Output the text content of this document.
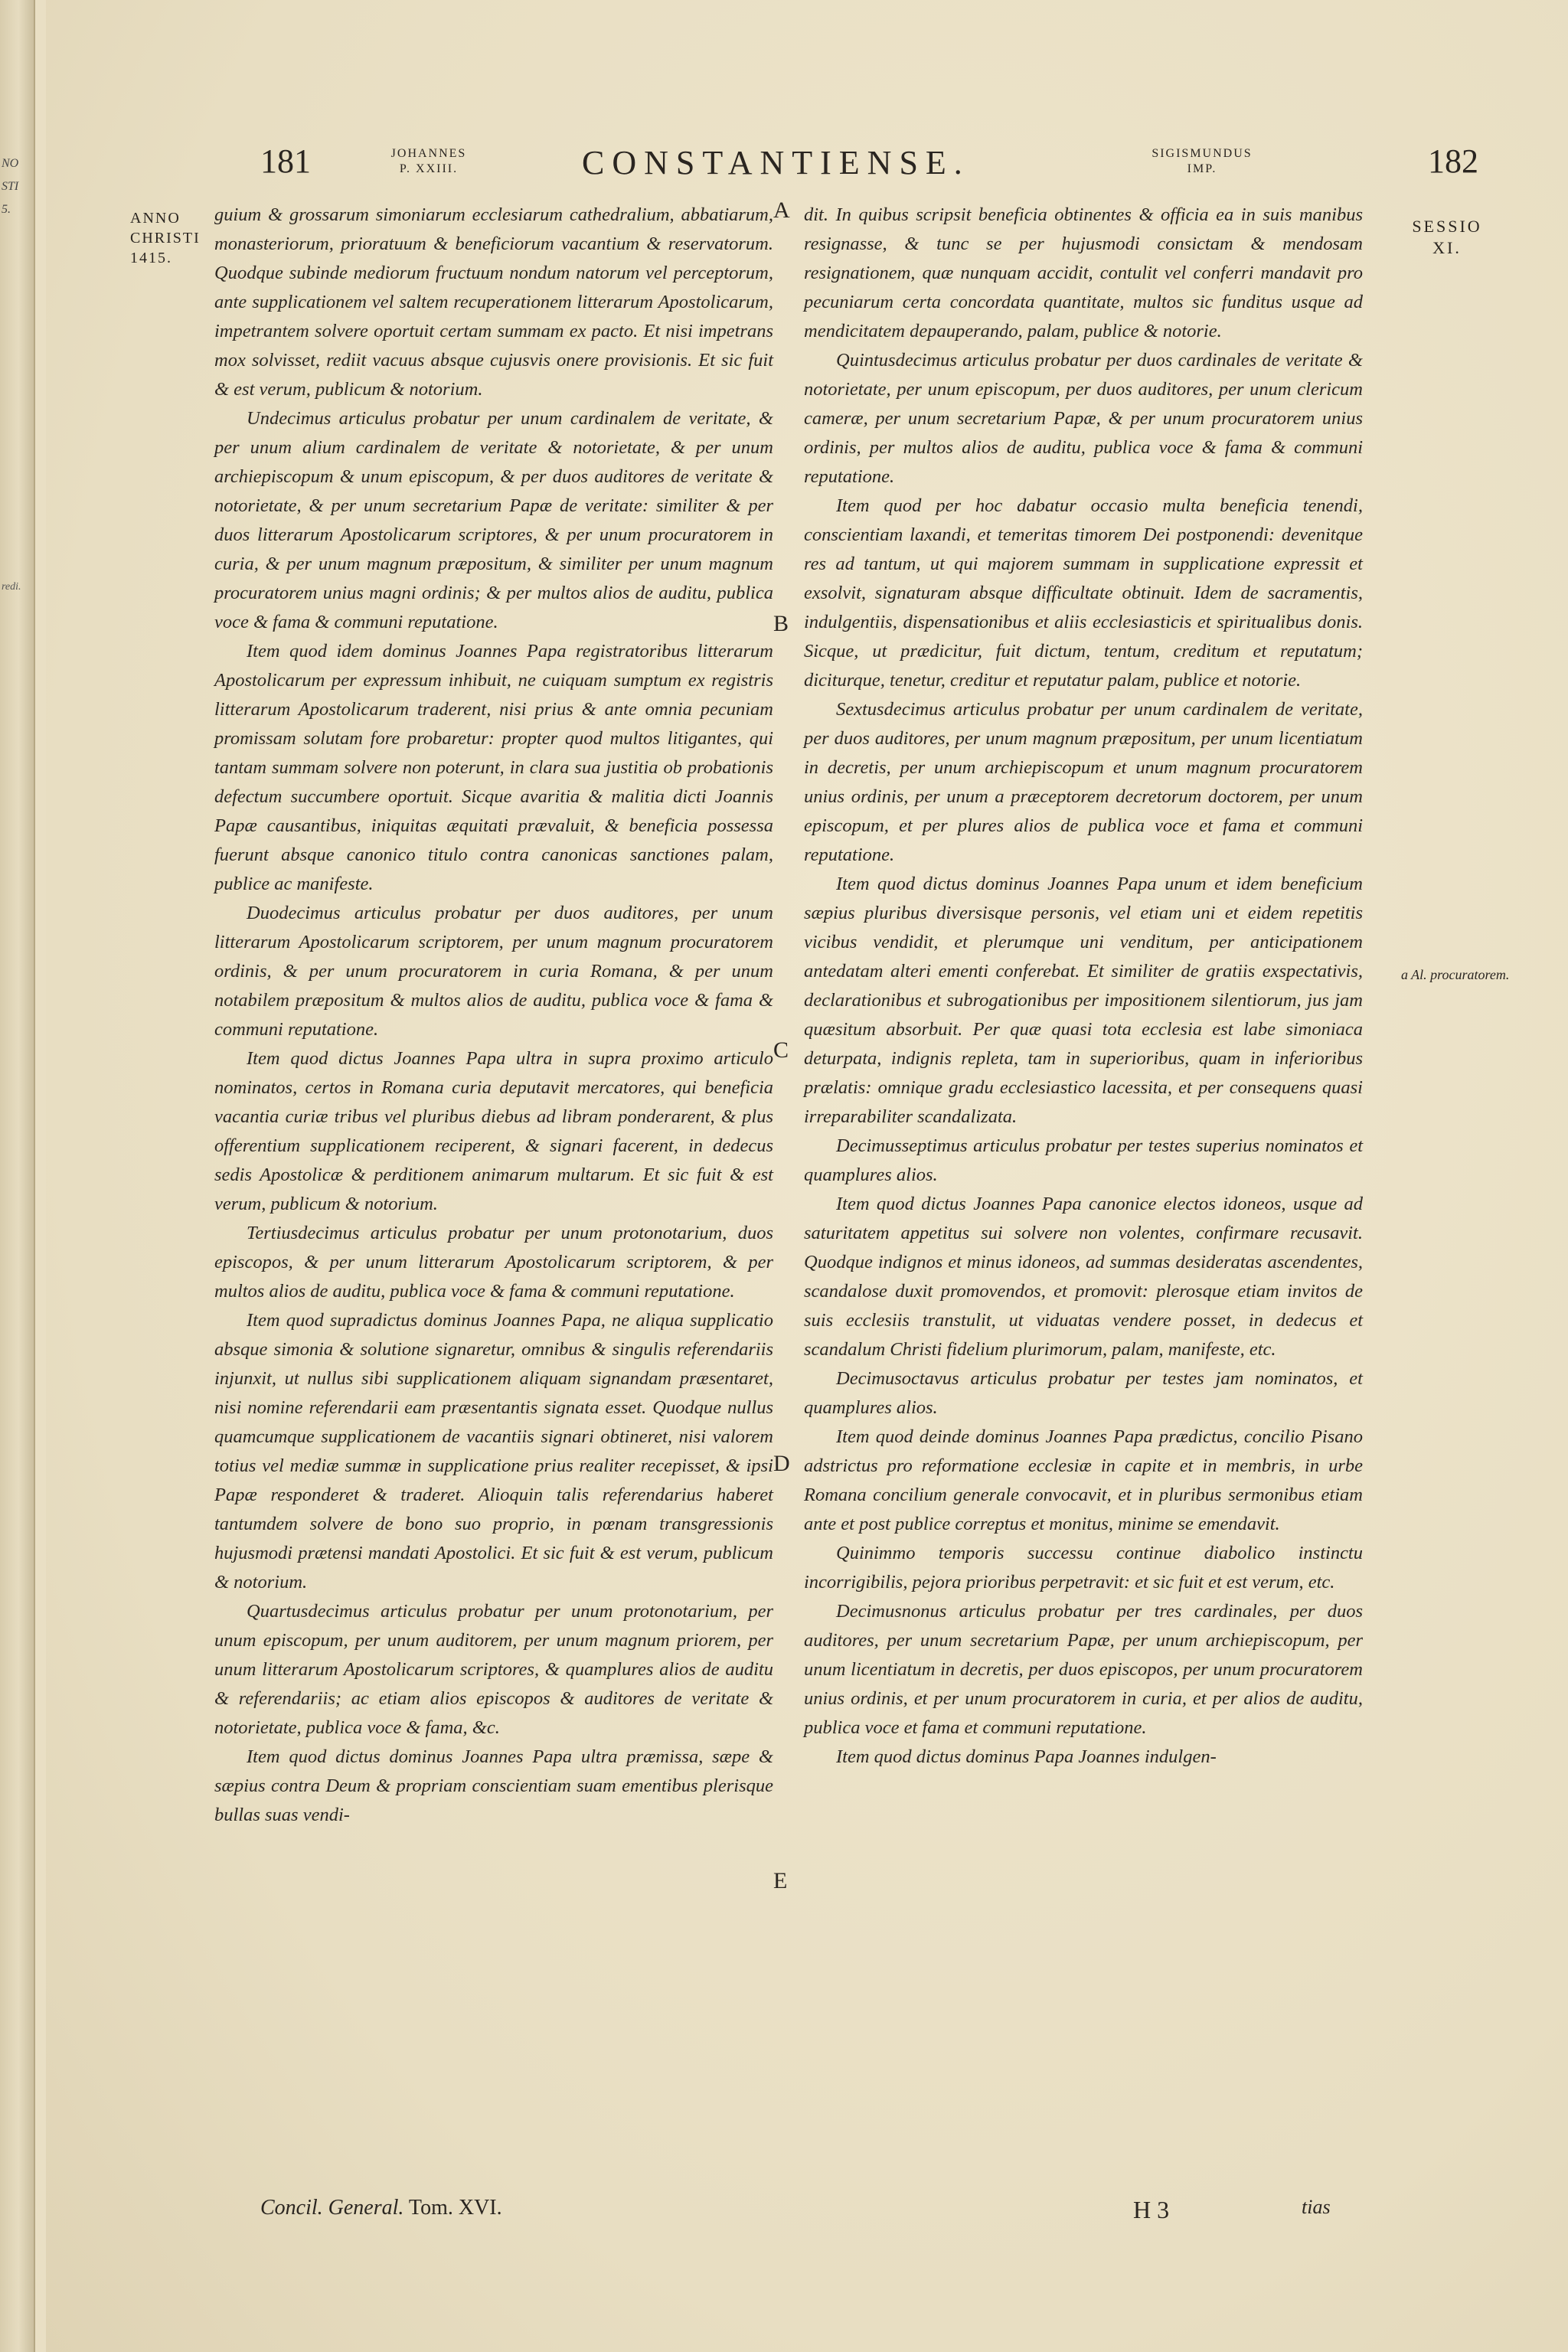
NO
STI
5.
redi.
181	JOHANNES
P. XXIII.	CONSTANTIENSE.	SIGISMUNDUS
IMP.	182
ANNO
CHRISTI
1415.
SESSIO
XI.
A
B
C
D
E
a Al. procuratorem.

guium & grossarum simoniarum ecclesiarum cathedralium, abbatiarum, monasteriorum, prioratuum & beneficiorum vacantium & reservatorum. Quodque subinde mediorum fructuum nondum natorum vel perceptorum, ante supplicationem vel saltem recuperationem litterarum Apostolicarum, impetrantem solvere oportuit certam summam ex pacto. Et nisi impetrans mox solvisset, rediit vacuus absque cujusvis onere provisionis. Et sic fuit & est verum, publicum & notorium.

Undecimus articulus probatur per unum cardinalem de veritate, & per unum alium cardinalem de veritate & notorietate, & per unum archiepiscopum & unum episcopum, & per duos auditores de veritate & notorietate, & per unum secretarium Papæ de veritate: similiter & per duos litterarum Apostolicarum scriptores, & per unum procuratorem in curia, & per unum magnum præpositum, & similiter per unum magnum procuratorem unius magni ordinis; & per multos alios de auditu, publica voce & fama & communi reputatione.

Item quod idem dominus Joannes Papa registratoribus litterarum Apostolicarum per expressum inhibuit, ne cuiquam sumptum ex registris litterarum Apostolicarum traderent, nisi prius & ante omnia pecuniam promissam solutam fore probaretur: propter quod multos litigantes, qui tantam summam solvere non poterunt, in clara sua justitia ob probationis defectum succumbere oportuit. Sicque avaritia & malitia dicti Joannis Papæ causantibus, iniquitas æquitati prævaluit, & beneficia possessa fuerunt absque canonico titulo contra canonicas sanctiones palam, publice ac manifeste.

Duodecimus articulus probatur per duos auditores, per unum litterarum Apostolicarum scriptorem, per unum magnum procuratorem ordinis, & per unum procuratorem in curia Romana, & per unum notabilem præpositum & multos alios de auditu, publica voce & fama & communi reputatione.

Item quod dictus Joannes Papa ultra in supra proximo articulo nominatos, certos in Romana curia deputavit mercatores, qui beneficia vacantia curiæ tribus vel pluribus diebus ad libram ponderarent, & plus offerentium supplicationem reciperent, & signari facerent, in dedecus sedis Apostolicæ & perditionem animarum multarum. Et sic fuit & est verum, publicum & notorium.

Tertiusdecimus articulus probatur per unum protonotarium, duos episcopos, & per unum litterarum Apostolicarum scriptorem, & per multos alios de auditu, publica voce & fama & communi reputatione.

Item quod supradictus dominus Joannes Papa, ne aliqua supplicatio absque simonia & solutione signaretur, omnibus & singulis referendariis injunxit, ut nullus sibi supplicationem aliquam signandam præsentaret, nisi nomine referendarii eam præsentantis signata esset. Quodque nullus quamcumque supplicationem de vacantiis signari obtineret, nisi valorem totius vel mediæ summæ in supplicatione prius realiter recepisset, & ipsi Papæ responderet & traderet. Alioquin talis referendarius haberet tantumdem solvere de bono suo proprio, in pœnam transgressionis hujusmodi prætensi mandati Apostolici. Et sic fuit & est verum, publicum & notorium.

Quartusdecimus articulus probatur per unum protonotarium, per unum episcopum, per unum auditorem, per unum magnum priorem, per unum litterarum Apostolicarum scriptores, & quamplures alios de auditu & referendariis; ac etiam alios episcopos & auditores de veritate & notorietate, publica voce & fama, &c.

Item quod dictus dominus Joannes Papa ultra præmissa, sæpe & sæpius contra Deum & propriam conscientiam suam ementibus plerisque bullas suas vendi-

dit. In quibus scripsit beneficia obtinentes & officia ea in suis manibus resignasse, & tunc se per hujusmodi consictam & mendosam resignationem, quæ nunquam accidit, contulit vel conferri mandavit pro pecuniarum certa concordata quantitate, multos sic funditus usque ad mendicitatem depauperando, palam, publice & notorie.

Quintusdecimus articulus probatur per duos cardinales de veritate & notorietate, per unum episcopum, per duos auditores, per unum clericum cameræ, per unum secretarium Papæ, & per unum procuratorem unius ordinis, per multos alios de auditu, publica voce & fama & communi reputatione.

Item quod per hoc dabatur occasio multa beneficia tenendi, conscientiam laxandi, et temeritas timorem Dei postponendi: devenitque res ad tantum, ut qui majorem summam in supplicatione expressit et exsolvit, signaturam absque difficultate obtinuit. Idem de sacramentis, indulgentiis, dispensationibus et aliis ecclesiasticis et spiritualibus donis. Sicque, ut prædicitur, fuit dictum, tentum, creditum et reputatum; diciturque, tenetur, creditur et reputatur palam, publice et notorie.

Sextusdecimus articulus probatur per unum cardinalem de veritate, per duos auditores, per unum magnum præpositum, per unum licentiatum in decretis, per unum archiepiscopum et unum magnum procuratorem unius ordinis, per unum a præceptorem decretorum doctorem, per unum episcopum, et per plures alios de publica voce et fama et communi reputatione.

Item quod dictus dominus Joannes Papa unum et idem beneficium sæpius pluribus diversisque personis, vel etiam uni et eidem repetitis vicibus vendidit, et plerumque uni venditum, per anticipationem antedatam alteri ementi conferebat. Et similiter de gratiis exspectativis, declarationibus et subrogationibus per impositionem silentiorum, jus jam quæsitum absorbuit. Per quæ quasi tota ecclesia est labe simoniaca deturpata, indignis repleta, tam in superioribus, quam in inferioribus prælatis: omnique gradu ecclesiastico lacessita, et per consequens quasi irreparabiliter scandalizata.

Decimusseptimus articulus probatur per testes superius nominatos et quamplures alios.

Item quod dictus Joannes Papa canonice electos idoneos, usque ad saturitatem appetitus sui solvere non volentes, confirmare recusavit. Quodque indignos et minus idoneos, ad summas desideratas ascendentes, scandalose duxit promovendos, et promovit: plerosque etiam invitos de suis ecclesiis transtulit, ut viduatas vendere posset, in dedecus et scandalum Christi fidelium plurimorum, palam, manifeste, etc.

Decimusoctavus articulus probatur per testes jam nominatos, et quamplures alios.

Item quod deinde dominus Joannes Papa prædictus, concilio Pisano adstrictus pro reformatione ecclesiæ in capite et in membris, in urbe Romana concilium generale convocavit, et in pluribus sermonibus etiam ante et post publice correptus et monitus, minime se emendavit.

Quinimmo temporis successu continue diabolico instinctu incorrigibilis, pejora prioribus perpetravit: et sic fuit et est verum, etc.

Decimusnonus articulus probatur per tres cardinales, per duos auditores, per unum secretarium Papæ, per unum archiepiscopum, per unum licentiatum in decretis, per duos episcopos, per unum procuratorem unius ordinis, et per unum procuratorem in curia, et per alios de auditu, publica voce et fama et communi reputatione.

Item quod dictus dominus Papa Joannes indulgen-

Concil. General. Tom. XVI.	H 3	tias
